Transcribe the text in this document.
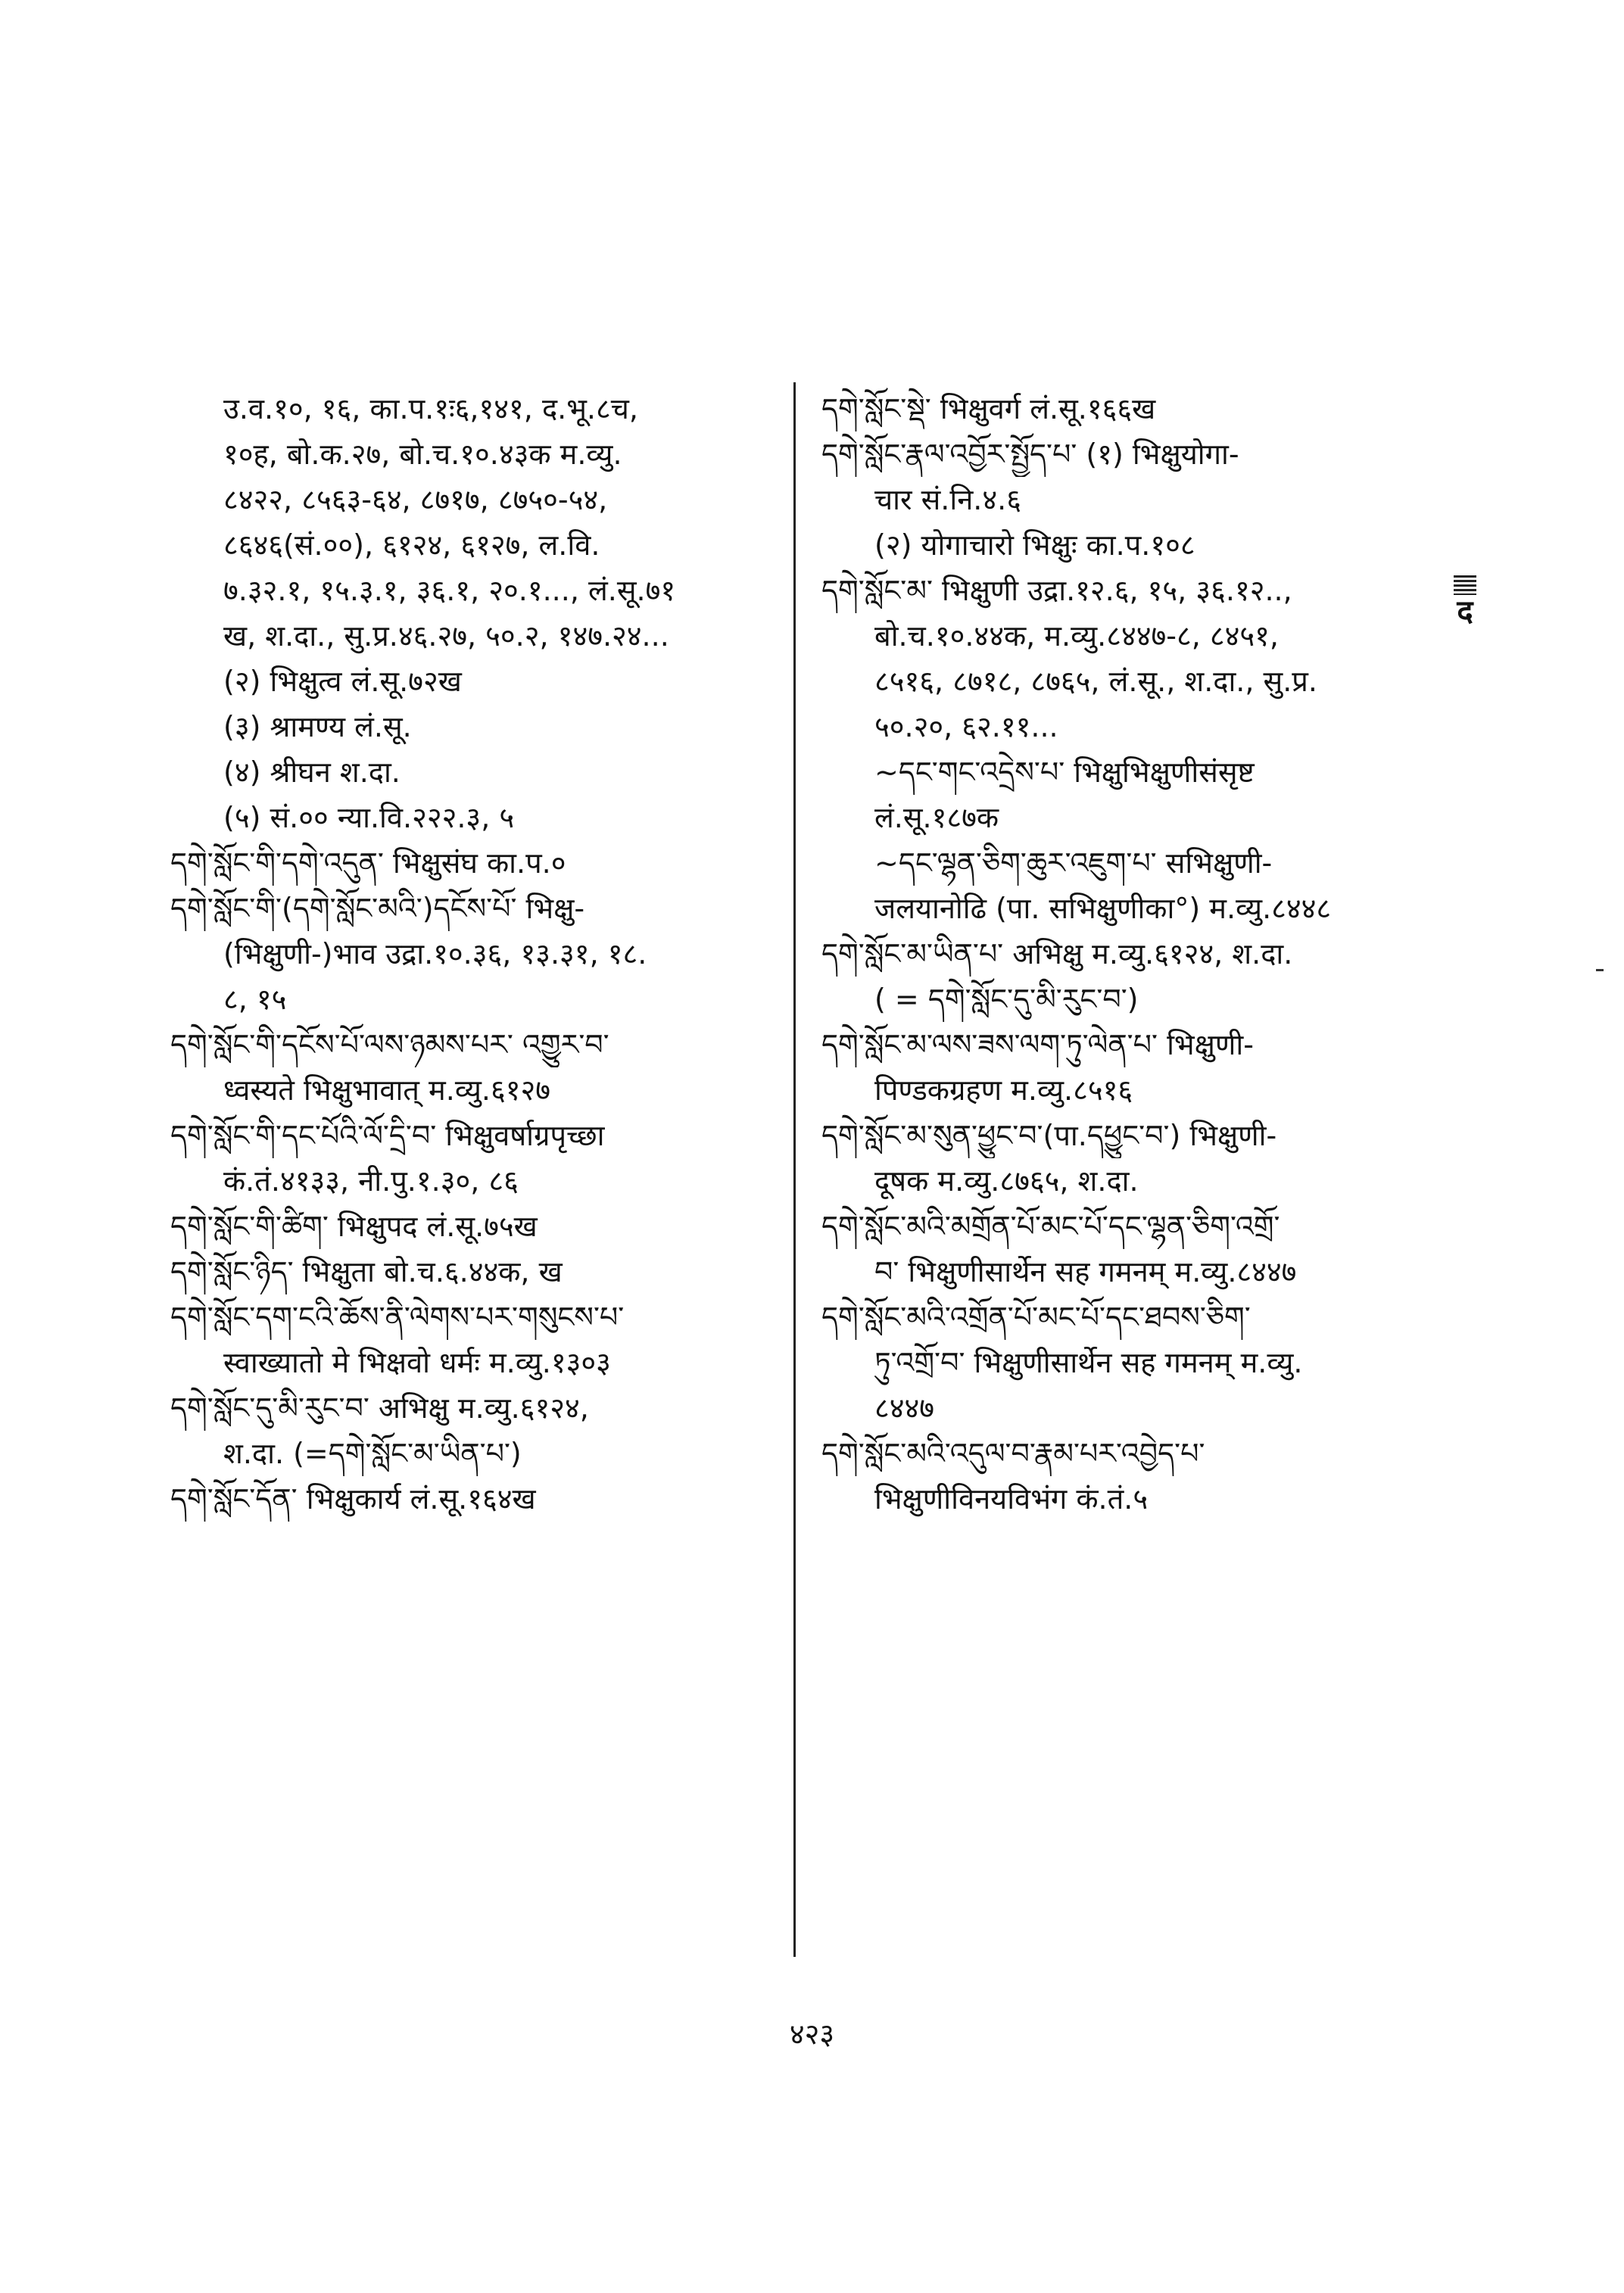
उ.व.१०, १६, का.प.१ः६,१४१, द.भू.८च,
१०ह, बो.क.२७, बो.च.१०.४३क म.व्यु.
८४२२, ८५६३-६४, ८७१७, ८७५०-५४,
८६४६(सं.००), ६१२४, ६१२७, ल.वि.
७.३२.१, १५.३.१, ३६.१, २०.१..., लं.सू.७१
ख, श.दा., सु.प्र.४६.२७, ५०.२, १४७.२४...
(२) भिक्षुत्व लं.सू.७२ख
(३) श्रामण्य लं.सू.
(४) श्रीघन श.दा.
(५) सं.०० न्या.वि.२२२.३, ५
དགེ་སློང་གི་དགེ་འདུན་ भिक्षुसंघ का.प.०
དགེ་སློང་གི་(དགེ་སློང་མའི་)དངོས་པོ་ भिक्षु-
(भिक्षुणी-)भाव उद्रा.१०.३६, १३.३१, १८.
८, १५
དགེ་སློང་གི་དངོས་པོ་ལས་ཉམས་པར་ འགྱུར་བ་
ध्वस्यते भिक्षुभावात् म.व्यु.६१२७
དགེ་སློང་གི་དང་པོའི་ལོ་དྲི་བ་ भिक्षुवर्षाग्रपृच्छा
कं.तं.४१३३, नी.पु.१.३०, ८६
དགེ་སློང་གི་ཚིག་ भिक्षुपद लं.सू.७५ख
དགེ་སློང་ཉིད་ भिक्षुता बो.च.६.४४क, ख
དགེ་སློང་དག་ངའི་ཆོས་ནི་ལེགས་པར་གསུངས་པ་
स्वाख्यातो मे भिक्षवो धर्मः म.व्यु.१३०३
དགེ་སློང་དུ་མི་རུང་བ་ अभिक्षु म.व्यु.६१२४,
श.दा. (=དགེ་སློང་མ་ཡིན་པ་)
དགེ་སློང་དོན་ भिक्षुकार्य लं.सू.१६४ख
དགེ་སློང་སྡེ་ भिक्षुवर्ग लं.सू.१६६ख
དགེ་སློང་རྣལ་འབྱོར་སྤྱོད་པ་ (१) भिक्षुयोगा-
चार सं.नि.४.६
(२) योगाचारो भिक्षुः का.प.१०८
དགེ་སློང་མ་ भिक्षुणी उद्रा.१२.६, १५, ३६.१२..,
बो.च.१०.४४क, म.व्यु.८४४७-८, ८४५१,
८५१६, ८७१८, ८७६५, लं.सू., श.दा., सु.प्र.
५०.२०, ६२.११...
~དང་གང་འདྲེས་པ་ भिक्षुभिक्षुणीसंसृष्ट
लं.सू.१८७क
~དང་ལྷན་ཅིག་ཆུར་འཇུག་པ་ सभिक्षुणी-
जलयानोढि (पा. सभिक्षुणीका°) म.व्यु.८४४८
དགེ་སློང་མ་ཡིན་པ་ अभिक्षु म.व्यु.६१२४, श.दा.
( = དགེ་སློང་དུ་མི་རུང་བ་)
དགེ་སློང་མ་ལས་ཟས་ལག་ཏུ་ལེན་པ་ भिक्षुणी-
पिण्डकग्रहण म.व्यु.८५१६
དགེ་སློང་མ་སུན་ཕྱུང་བ་(पा.དཕྱུང་བ་) भिक्षुणी-
दूषक म.व्यु.८७६५, श.दा.
དགེ་སློང་མའི་མགྲོན་པོ་མང་པོ་དང་ལྷན་ཅིག་འགྲོ་
བ་ भिक्षुणीसार्थेन सह गमनम् म.व्यु.८४४७
དགེ་སློང་མའི་འགྲོན་པོ་མང་པོ་དང་ཐབས་ཅིག་
ཏུ་འགྲོ་བ་ भिक्षुणीसार्थेन सह गमनम् म.व्यु.
८४४७
དགེ་སློང་མའི་འདུལ་བ་རྣམ་པར་འབྱེད་པ་
भिक्षुणीविनयविभंग कं.तं.५
द
४२३
